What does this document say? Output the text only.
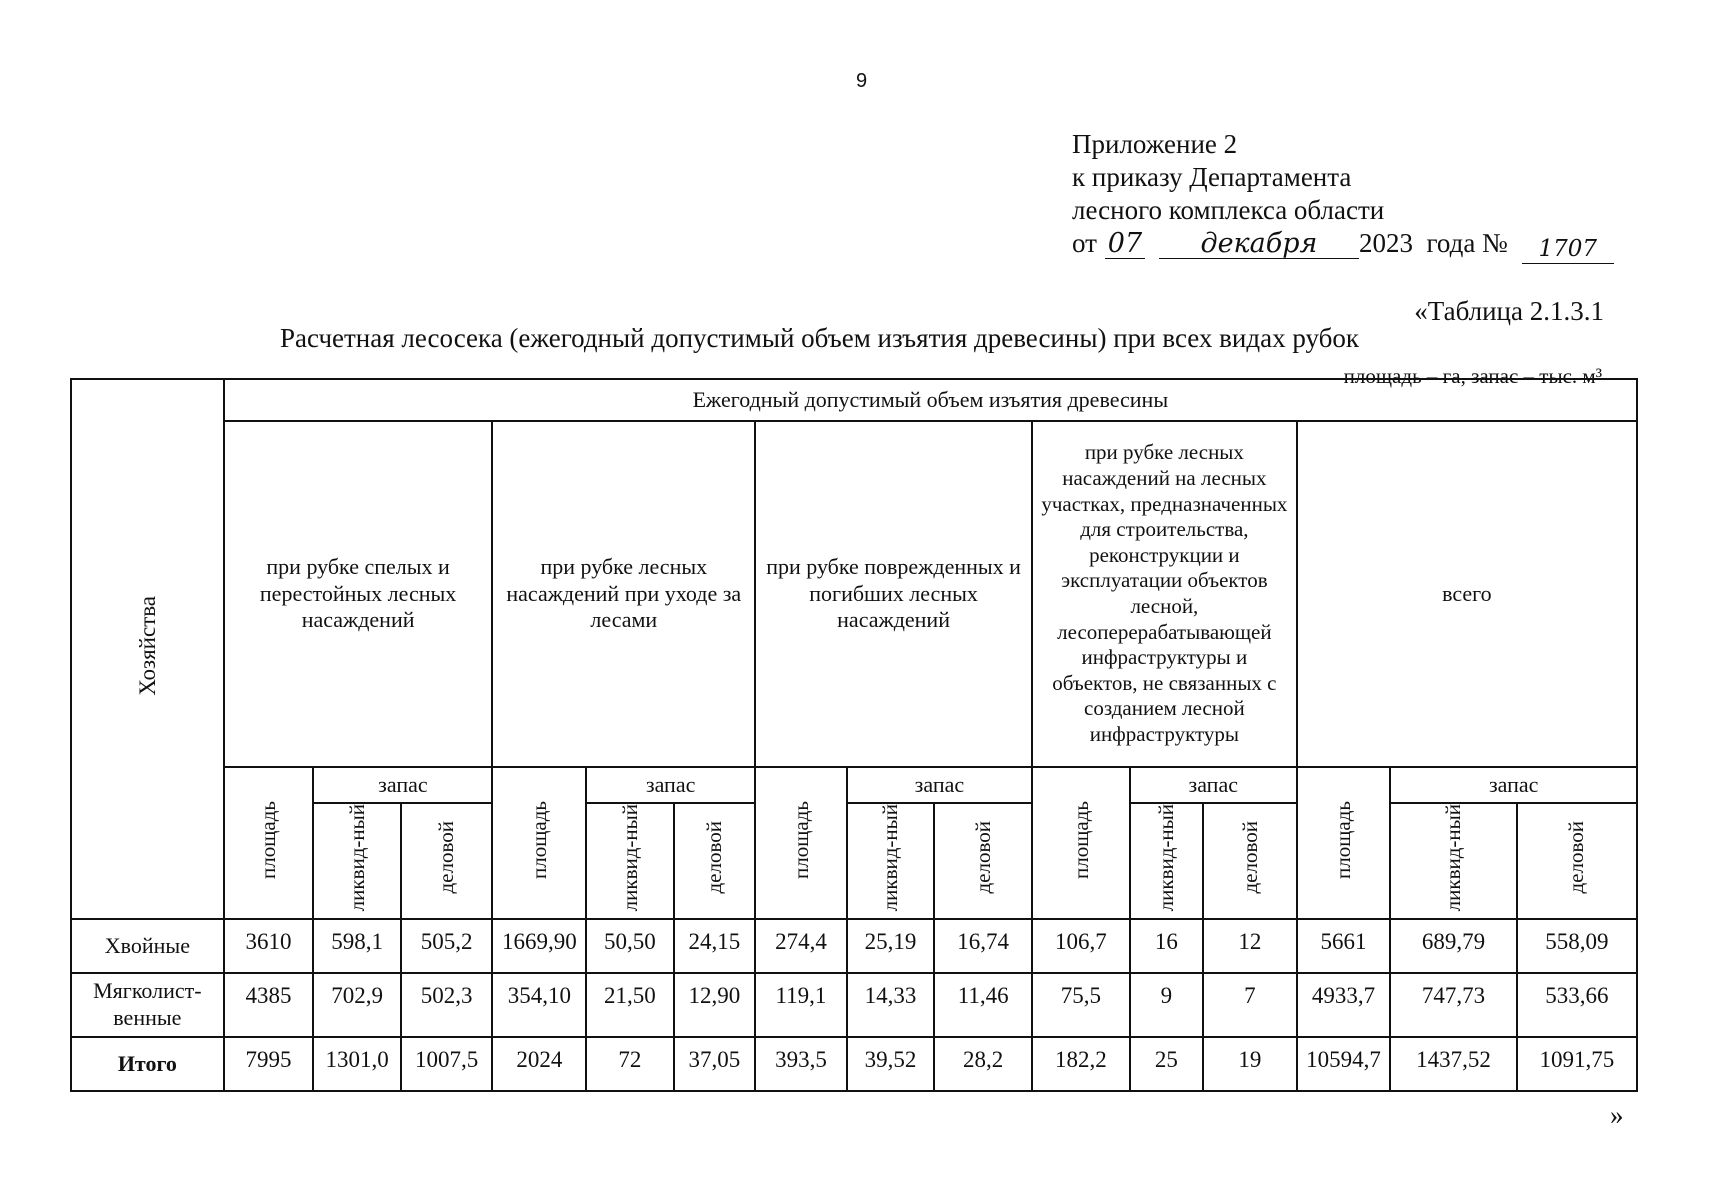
9
Приложение 2
к приказу Департамента
лесного комплекса области
от 07 декабря 2023  года № 1707
«Таблица 2.1.3.1
Расчетная лесосека (ежегодный допустимый объем изъятия древесины) при всех видах рубок
площадь – га, запас – тыс. м³
Хозяйства	Ежегодный допустимый объем изъятия древесины														
	при рубке спелых и перестойных лесных насаждений			при рубке лесных насаждений при уходе за лесами			при рубке поврежденных и погибших лесных насаждений			при рубке лесных насаждений на лесных участках, предназначенных для строительства, реконструкции и эксплуатации объектов лесной, лесоперерабатывающей инфраструктуры и объектов, не связанных с созданием лесной инфраструктуры			всего		
	площадь	запас		площадь	запас		площадь	запас		площадь	запас		площадь	запас	
		ликвид-ный	деловой		ликвид-ный	деловой		ликвид-ный	деловой		ликвид-ный	деловой		ликвид-ный	деловой
Хвойные	3610	598,1	505,2	1669,90	50,50	24,15	274,4	25,19	16,74	106,7	16	12	5661	689,79	558,09
Мягколист-венные	4385	702,9	502,3	354,10	21,50	12,90	119,1	14,33	11,46	75,5	9	7	4933,7	747,73	533,66
Итого	7995	1301,0	1007,5	2024	72	37,05	393,5	39,52	28,2	182,2	25	19	10594,7	1437,52	1091,75
»
